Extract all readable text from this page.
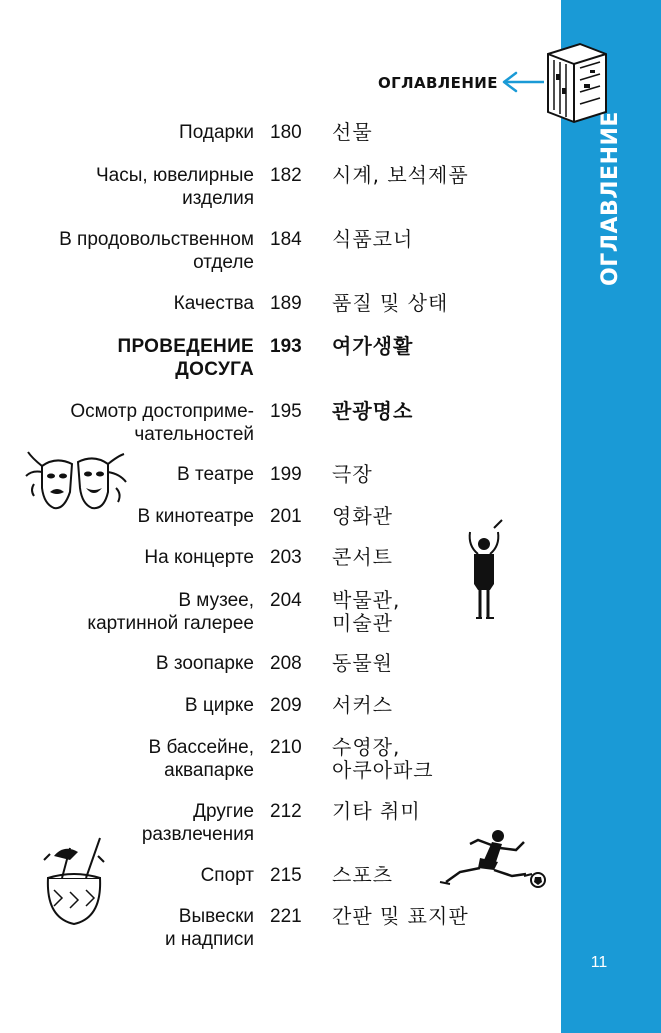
ОГЛАВЛЕНИЕ
11
ОГЛАВЛЕНИЕ
Подарки 180	선물
Часы, ювелирные
изделия
182	시계, 보석제품
В продовольственном
отделе
184	식품코너
Качества 189	품질 및 상태
ПРОВЕДЕНИЕ
ДОСУГА
193	여가생활
Осмотр достоприме-
чательностей
195	관광명소
В театре 199	극장
В кинотеатре 201	영화관
На концерте 203	콘서트
В музее,
картинной галерее
204	박물관,
미술관
В зоопарке 208	동물원
В цирке 209	서커스
В бассейне,
аквапарке
210	수영장,
아쿠아파크
Другие
развлечения
212	기타 취미
Спорт 215	스포츠
Вывески
и надписи
221	간판 및 표지판
